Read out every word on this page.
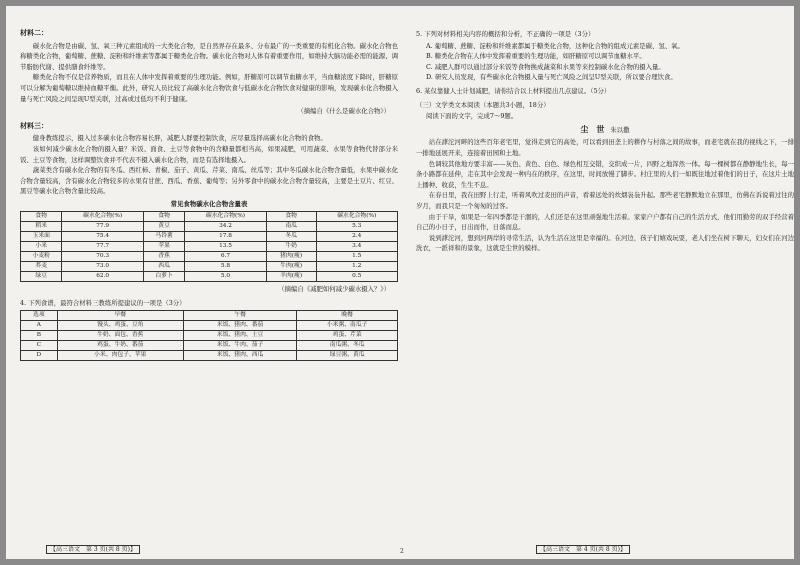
材料二：

碳水化合物是由碳、氢、氧三种元素组成的一大类化合物，是自然界存在最多、分布最广的一类重要的有机化合物。碳水化合物也称糖类化合物，葡萄糖、蔗糖、淀粉和纤维素等都属于糖类化合物。碳水化合物对人体有着重要作用，如维持大脑功能必需的能源、调节脂肪代谢、提供膳食纤维等。

糖类化合物不仅是营养物质，而且在人体中发挥着重要的生理功能。例如，肝糖原可以调节血糖水平，当血糖浓度下降时，肝糖原可以分解为葡萄糖以维持血糖平衡。此外，研究人员比较了高碳水化合物饮食与低碳水化合物饮食对健康的影响，发现碳水化合物摄入量与死亡风险之间呈现U型关联，过高或过低均不利于健康。

（摘编自《什么是碳水化合物》）
材料三：

健身教练提示，摄入过多碳水化合物容易长胖，减肥人群要控制饮食，应尽量选择高碳水化合物的食物。

该如何减少碳水化合物的摄入量？米饭、面食、土豆等食物中的含糖量都相当高，如果减肥，可用蔬菜、水果等食物代替部分米饭、土豆等食物，这样调整饮食并不代表不摄入碳水化合物，而是有选择地摄入。

蔬菜类含有碳水化合物的有冬瓜、西红柿、青椒、茄子、黄瓜、芹菜、南瓜、丝瓜等；其中冬瓜碳水化合物含量低，水果中碳水化合物含量较高，含有碳水化合物较多的水果有甘蔗、西瓜、香蕉、葡萄等；另外零食中的碳水化合物含量较高，主要是土豆片、红豆、黑豆等碳水化合物含量比较高。

常见食物碳水化合物含量表
食物	碳水化合物(%)	食物	碳水化合物(%)	食物	碳水化合物(%)
稻米	77.9	黄豆	34.2	南瓜	5.3
玉米面	75.4	马铃薯	17.8	冬瓜	2.4
小米	77.7	苹果	13.5	牛奶	3.4
小麦粉	70.3	香蕉	6.7	猪肉(瘦)	1.5
荞麦	73.0	西瓜	5.8	牛肉(瘦)	1.2
绿豆	62.0	白萝卜	5.0	羊肉(瘦)	0.5
（摘编自《减肥如何减少碳水摄入？》）
4. 下列食谱，最符合材料三教练所提建议的一项是（3分）
选项	早餐	午餐	晚餐
A	馒头、鸡蛋、豆角	米饭、猪肉、番茄	小米粥、南瓜子
B	牛奶、面包、香蕉	米饭、猪肉、土豆	鸡蛋、芹菜
C	鸡蛋、牛奶、番茄	米饭、牛肉、茄子	南瓜粥、冬瓜
D	小米、肉包子、苹果	米饭、猪肉、西瓜	绿豆粥、黄瓜
【高三语文　第 3 页(共 8 页)】
5. 下列对材料相关内容的概括和分析，不正确的一项是（3分）
A. 葡萄糖、蔗糖、淀粉和纤维素都属于糖类化合物，这种化合物的组成元素是碳、氢、氧。
B. 糖类化合物在人体中发挥着重要的生理功能，如肝糖原可以调节血糖水平。
C. 减肥人群可以通过部分米饭等食物换成蔬菜和水果等来控制碳水化合物的摄入量。
D. 研究人员发现，有些碳水化合物摄入量与死亡风险之间呈U型关联，所以要合理饮食。
6. 某仅靠健人士计划减肥，请你结合以上材料提出几点建议。（5分）
（三）文学类文本阅读（本题共3小题，18分）
阅读下面的文字，完成7～9题。
尘　世 朱以撒

站在滹沱河畔的这些百年老宅里，觉得走到它的高处，可以看到田垄上的耕作与村落之间的故事，而老宅就在我的视线之下，一排一排地延展开来，连接着田园和土地。

色调较其他地方要丰富——灰色、黄色、白色、绿色相互交错，交织成一片，四野之地浑然一体。每一棵树都在静静地生长，每一条小路都在延伸，走在其中会发现一种内在的秩序，在这里，时间放慢了脚步。村庄里的人们一如既往地过着他们的日子，在这片土地上播种、收获，生生不息。

在春日里，我在田野上行走，听着风吹过麦田的声音，看着远处的炊烟袅袅升起。那些老宅静默地立在那里，仿佛在诉说着过往的岁月，而我只是一个匆匆的过客。

由于干旱，如果是一年四季都是干涸的，人们还是在这里顽强地生活着。家家户户都有自己的生活方式，他们用勤劳的双手经营着自己的小日子，日出而作，日落而息。

说到滹沱河，想到河两岸的寻常生活，认为生活在这里是幸福的。在河边，孩子们嬉戏玩耍，老人们坐在树下聊天，妇女们在河边洗衣，一派祥和的景象，这就是尘世的模样。

【高三语文　第 4 页(共 8 页)】
2
